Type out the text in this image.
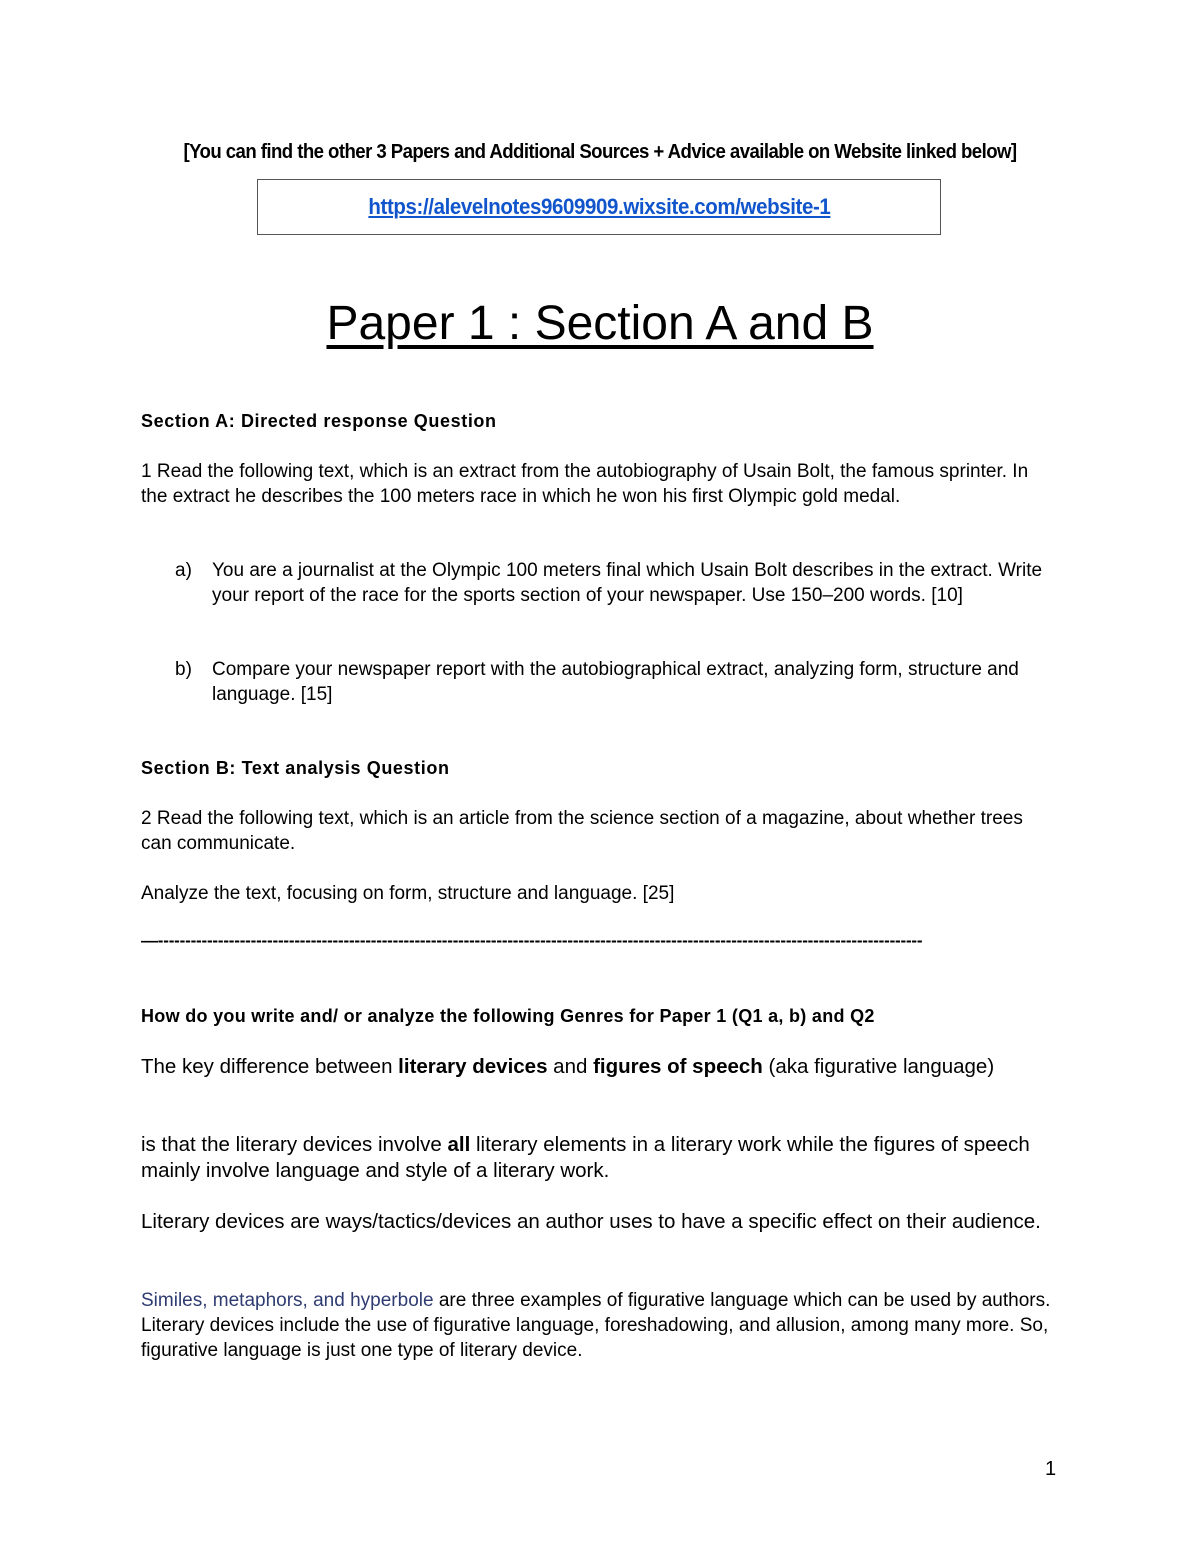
[You can find the other 3 Papers and Additional Sources + Advice available on Website linked below]
https://alevelnotes9609909.wixsite.com/website-1
Paper 1 : Section A and B

Section A: Directed response Question

1 Read the following text, which is an extract from the autobiography of Usain Bolt, the famous sprinter. In the extract he describes the 100 meters race in which he won his first Olympic gold medal.

a)	You are a journalist at the Olympic 100 meters final which Usain Bolt describes in the extract. Write your report of the race for the sports section of your newspaper. Use 150–200 words. [10]
b)	Compare your newspaper report with the autobiographical extract, analyzing form, structure and language. [15]

Section B: Text analysis Question

2 Read the following text, which is an article from the science section of a magazine, about whether trees can communicate.

Analyze the text, focusing on form, structure and language. [25]

—--------------------------------------------------------------------------------------------------------------------------------------------

How do you write and/ or analyze the following Genres for Paper 1 (Q1 a, b) and Q2

The key difference between literary devices and figures of speech (aka figurative language)

is that the literary devices involve all literary elements in a literary work while the figures of speech mainly involve language and style of a literary work.

Literary devices are ways/tactics/devices an author uses to have a specific effect on their audience.

Similes, metaphors, and hyperbole are three examples of figurative language which can be used by authors. Literary devices include the use of figurative language, foreshadowing, and allusion, among many more. So, figurative language is just one type of literary device.

1
